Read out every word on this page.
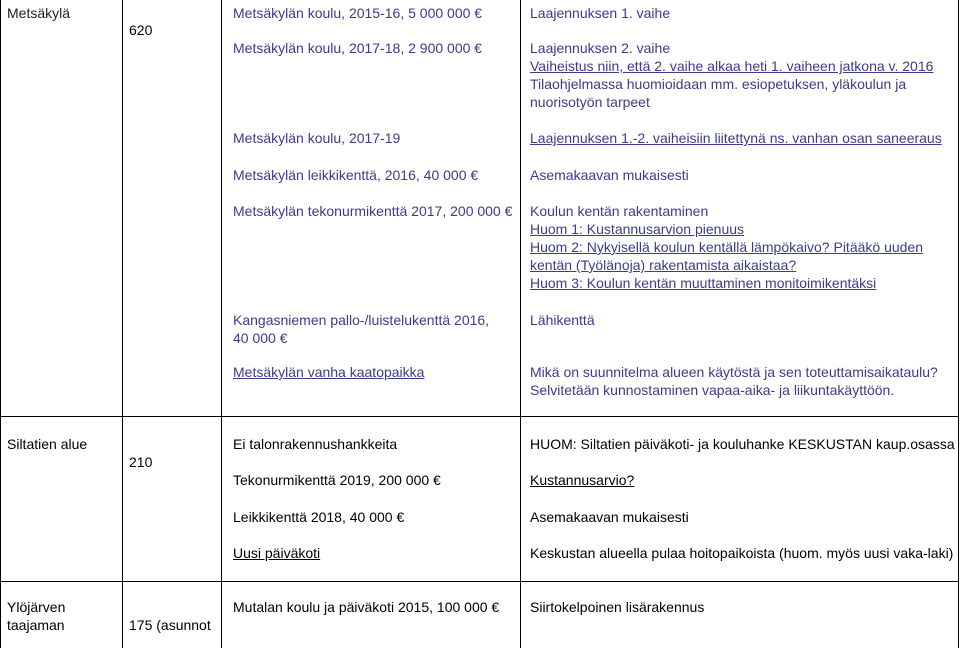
Metsäkylä
620
Metsäkylän koulu, 2015-16, 5 000 000 €
Metsäkylän koulu, 2017-18, 2 900 000 €
Metsäkylän koulu, 2017-19
Metsäkylän leikkikenttä, 2016, 40 000 €
Metsäkylän tekonurmikenttä 2017, 200 000 €
Kangasniemen pallo-/luistelukenttä 2016,
40 000 €
Metsäkylän vanha kaatopaikka
Laajennuksen 1. vaihe
Laajennuksen 2. vaihe
Vaiheistus niin, että 2. vaihe alkaa heti 1. vaiheen jatkona v. 2016
Tilaohjelmassa huomioidaan mm. esiopetuksen, yläkoulun ja
nuorisotyön tarpeet
Laajennuksen 1.-2. vaiheisiin liitettynä ns. vanhan osan saneeraus
Asemakaavan mukaisesti
Koulun kentän rakentaminen
Huom 1: Kustannusarvion pienuus
Huom 2: Nykyisellä koulun kentällä lämpökaivo? Pitääkö uuden
kentän (Työlänoja) rakentamista aikaistaa?
Huom 3: Koulun kentän muuttaminen monitoimikentäksi
Lähikenttä
Mikä on suunnitelma alueen käytöstä ja sen toteuttamisaikataulu?
Selvitetään kunnostaminen vapaa-aika- ja liikuntakäyttöön.
Siltatien alue
210
Ei talonrakennushankkeita
Tekonurmikenttä 2019, 200 000 €
Leikkikenttä 2018, 40 000 €
Uusi päiväkoti
HUOM: Siltatien päiväkoti- ja kouluhanke KESKUSTAN kaup.osassa
Kustannusarvio?
Asemakaavan mukaisesti
Keskustan alueella pulaa hoitopaikoista (huom. myös uusi vaka-laki)
Ylöjärven
taajaman	175 (asunnot
Mutalan koulu ja päiväkoti 2015, 100 000 € Siirtokelpoinen lisärakennus
